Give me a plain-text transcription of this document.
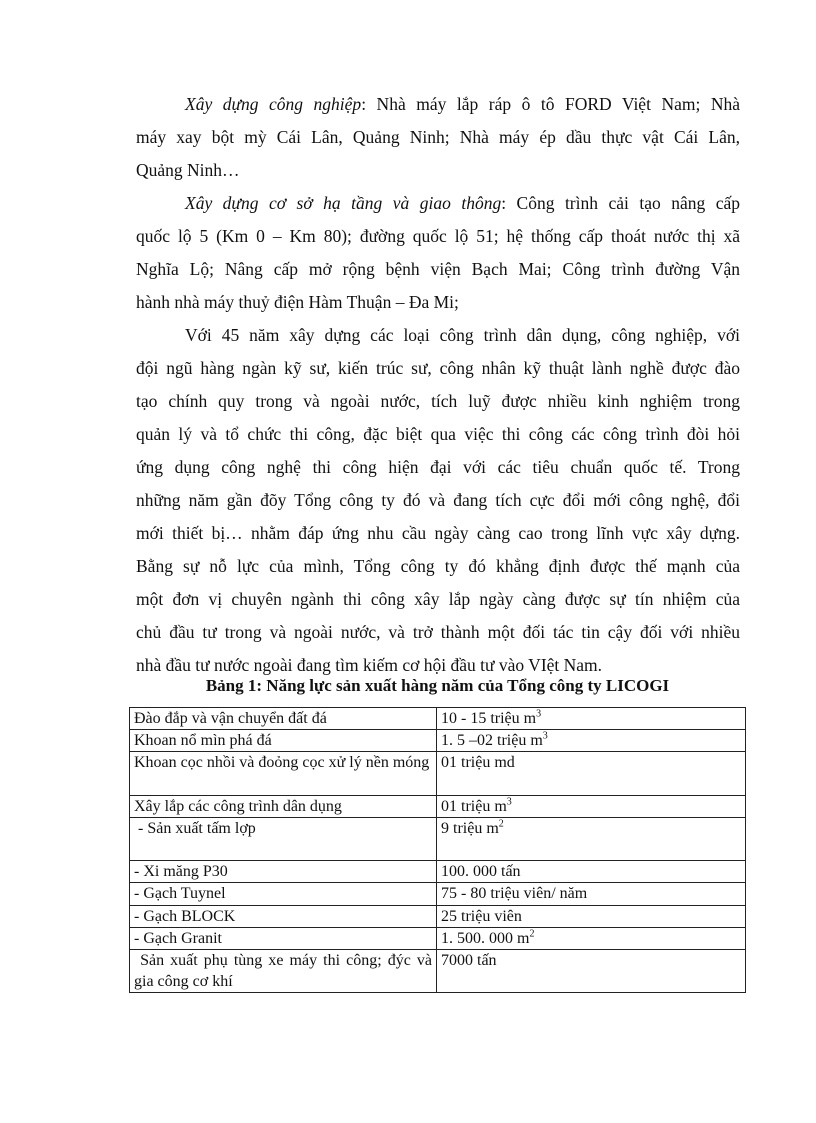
Xây dựng công nghiệp: Nhà máy lắp ráp ô tô FORD Việt Nam; Nhà
máy xay bột mỳ Cái Lân, Quảng Ninh; Nhà máy ép dầu thực vật Cái Lân,
Quảng Ninh…
Xây dựng cơ sở hạ tầng và giao thông: Công trình cải tạo nâng cấp
quốc lộ 5 (Km 0 – Km 80); đường quốc lộ 51; hệ thống cấp thoát nước thị xã
Nghĩa Lộ; Nâng cấp mở rộng bệnh viện Bạch Mai; Công trình đường Vận
hành nhà máy thuỷ điện Hàm Thuận – Đa Mi;
Với 45 năm xây dựng các loại công trình dân dụng, công nghiệp, với
đội ngũ hàng ngàn kỹ sư, kiến trúc sư, công nhân kỹ thuật lành nghề được đào
tạo chính quy trong và ngoài nước, tích luỹ được nhiều kinh nghiệm trong
quản lý và tổ chức thi công, đặc biệt qua việc thi công các công trình đòi hỏi
ứng dụng công nghệ thi công hiện đại với các tiêu chuẩn quốc tế. Trong
những năm gần đõy Tổng công ty đó và đang tích cực đổi mới công nghệ, đổi
mới thiết bị… nhằm đáp ứng nhu cầu ngày càng cao trong lĩnh vực xây dựng.
Bằng sự nỗ lực của mình, Tổng công ty đó khẳng định được thế mạnh của
một đơn vị chuyên ngành thi công xây lắp ngày càng được sự tín nhiệm của
chủ đầu tư trong và ngoài nước, và trở thành một đối tác tin cậy đối với nhiều
nhà đầu tư nước ngoài đang tìm kiếm cơ hội đầu tư vào VIệt Nam.
Bảng 1: Năng lực sản xuất hàng năm của Tổng công ty LICOGI
Đào đắp và vận chuyển đất đá	10 - 15 triệu $m^3$
Khoan nổ mìn phá đá	1. 5 –02 triệu $m^3$
Khoan cọc nhồi và đoỏng cọc xử lý nền móng	01 triệu md
Xây lắp các công trình dân dụng	01 triệu $m^3$
- Sản xuất tấm lợp	9 triệu $m^2$
- Xi măng P30	100. 000 tấn
- Gạch Tuynel	75 - 80 triệu viên/ năm
- Gạch BLOCK	25 triệu viên
- Gạch Granit	1. 500. 000 $m^2$
Sản xuất phụ tùng xe máy thi công; đýc và gia công cơ khí	7000 tấn
